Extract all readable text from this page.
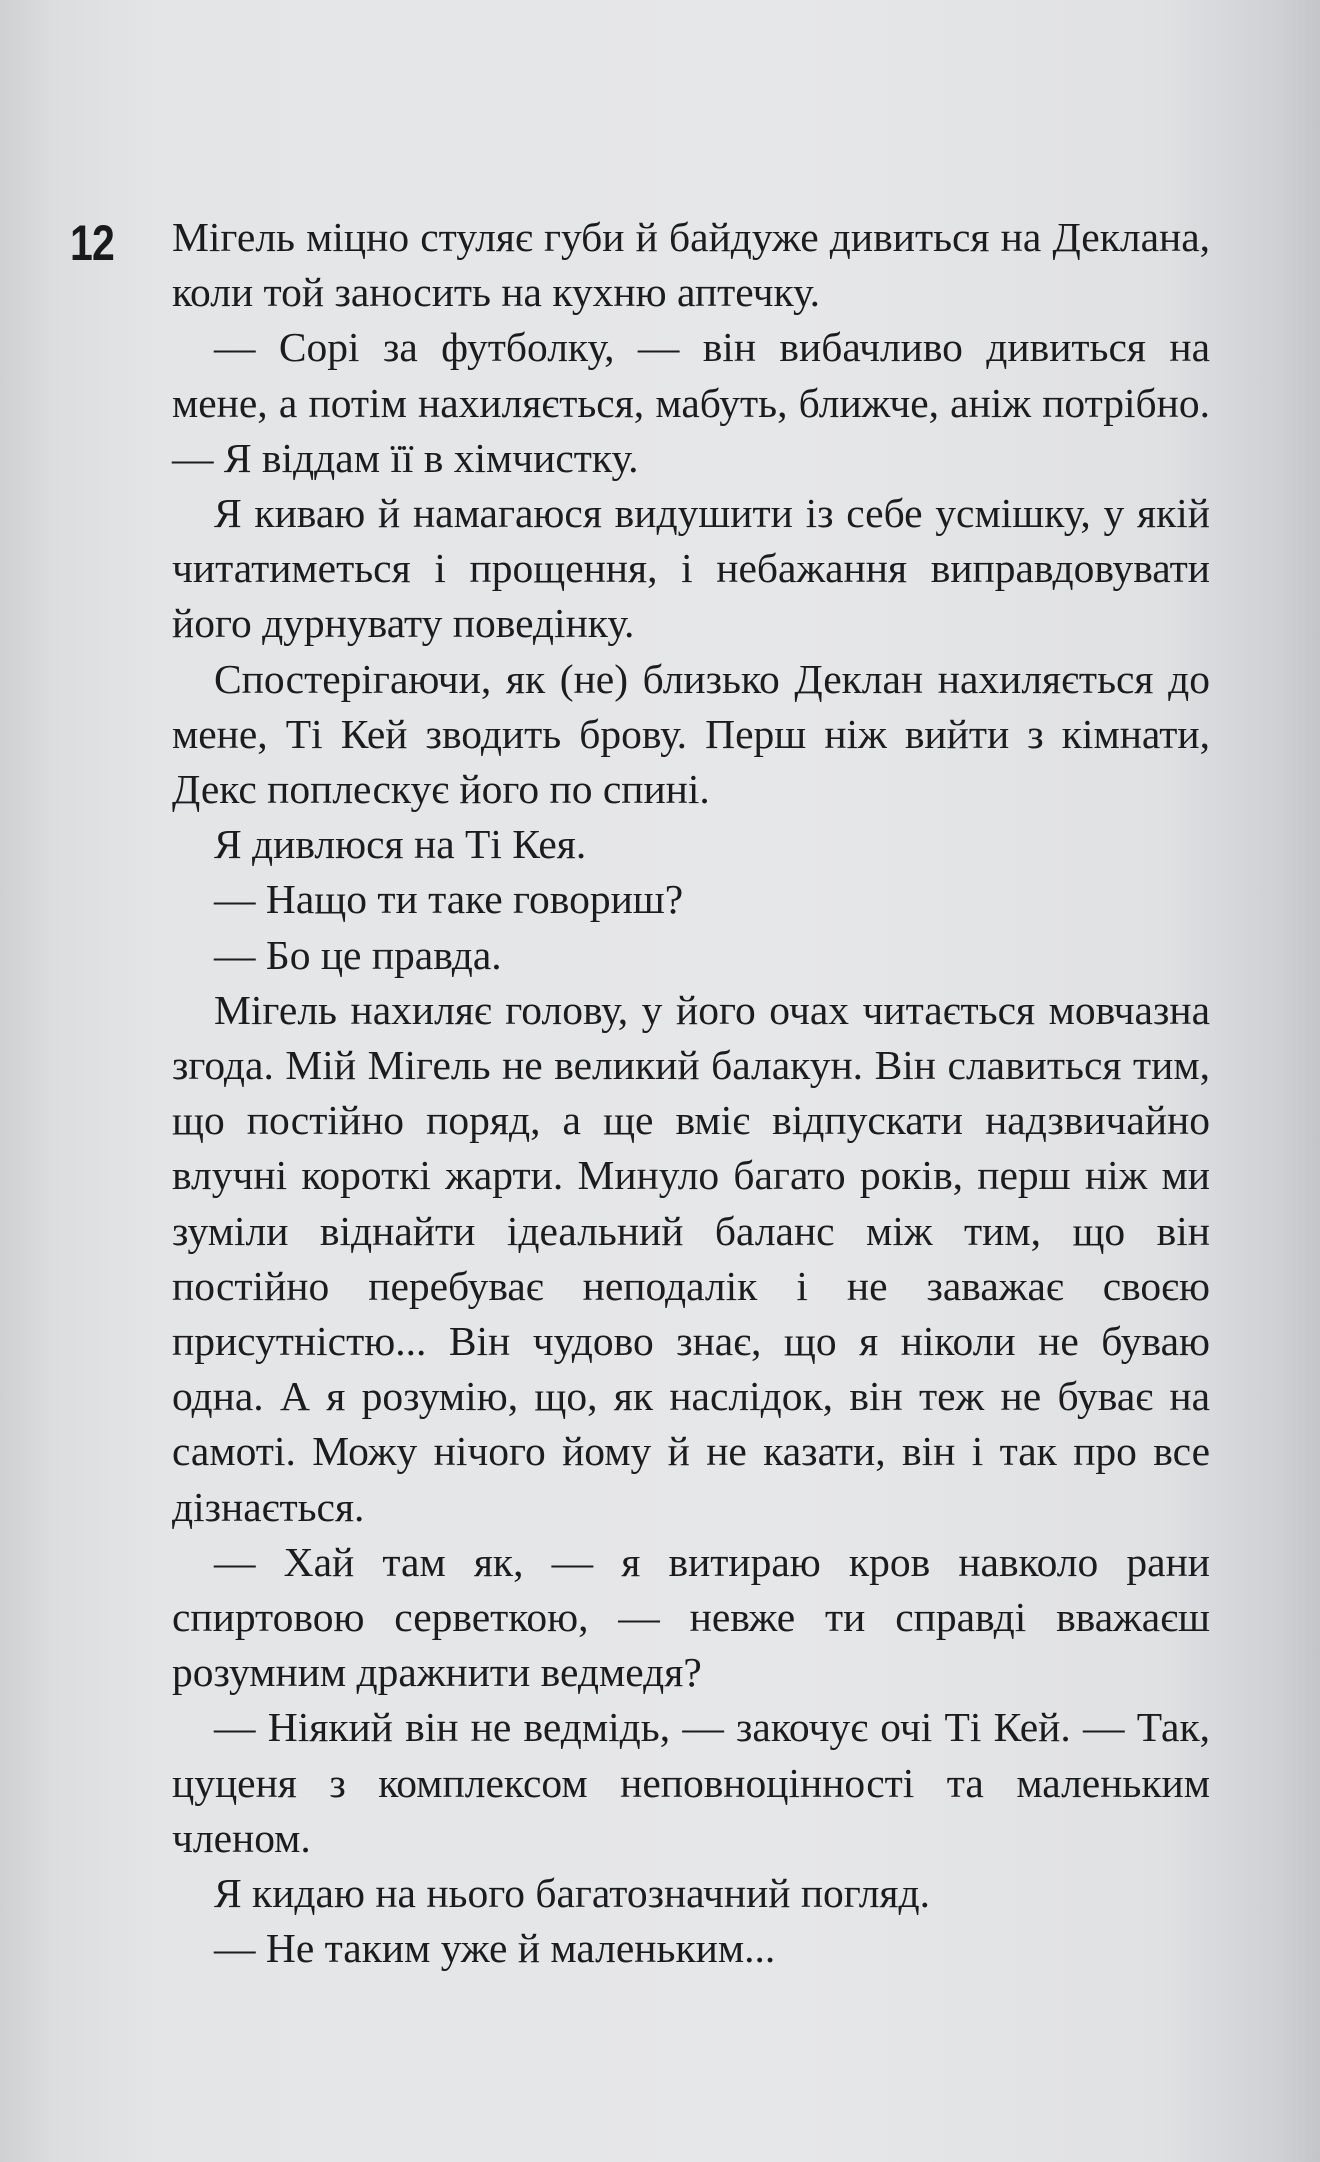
12 Мігель міцно стуляє губи й байдуже дивиться на Деклана, коли той заносить на кухню аптечку.

— Сорі за футболку, — він вибачливо дивиться на мене, а потім нахиляється, мабуть, ближче, аніж потрібно. — Я віддам її в хімчистку.

Я киваю й намагаюся видушити із себе усмішку, у якій читатиметься і прощення, і небажання виправдовувати його дурнувату поведінку.

Спостерігаючи, як (не) близько Деклан нахиляється до мене, Ті Кей зводить брову. Перш ніж вийти з кімнати, Декс поплескує його по спині.

Я дивлюся на Ті Кея.

— Нащо ти таке говориш?

— Бо це правда.

Мігель нахиляє голову, у його очах читається мовчазна згода. Мій Мігель не великий балакун. Він славиться тим, що постійно поряд, а ще вміє відпускати надзвичайно влучні короткі жарти. Минуло багато років, перш ніж ми зуміли віднайти ідеальний баланс між тим, що він постійно перебуває неподалік і не заважає своєю присутністю... Він чудово знає, що я ніколи не буваю одна. А я розумію, що, як наслідок, він теж не буває на самоті. Можу нічого йому й не казати, він і так про все дізнається.

— Хай там як, — я витираю кров навколо рани спиртовою серветкою, — невже ти справді вважаєш розумним дражнити ведмедя?

— Ніякий він не ведмідь, — закочує очі Ті Кей. — Так, цуценя з комплексом неповноцінності та маленьким членом.

Я кидаю на нього багатозначний погляд.

— Не таким уже й маленьким...
